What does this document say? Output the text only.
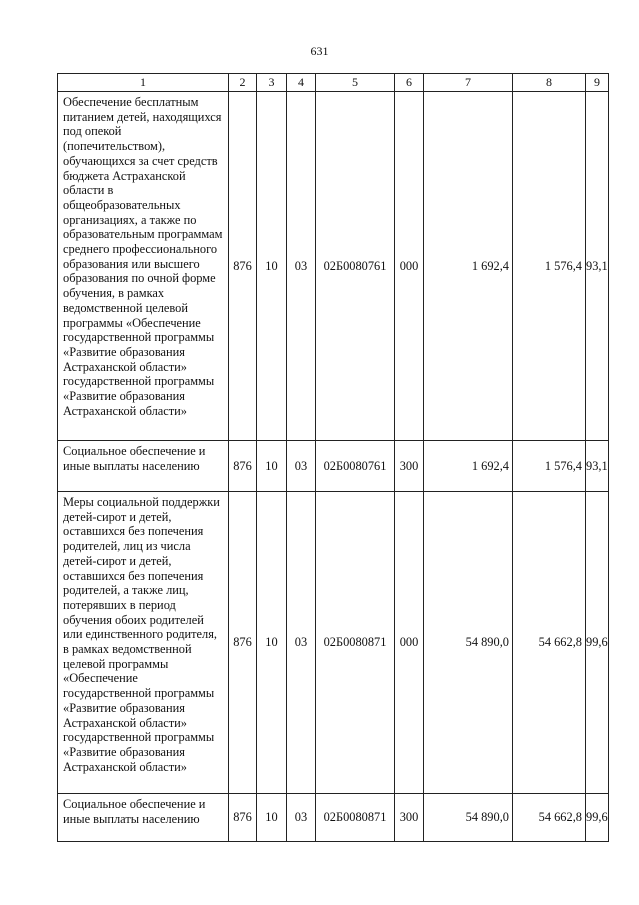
631
1	2	3	4	5	6	7	8	9
Обеспечение бесплатным питанием детей, находящихся под опекой (попечительством), обучающихся за счет средств бюджета Астраханской области в общеобразовательных организациях, а также по образовательным программам среднего профессионального образования или высшего образования по очной форме обучения, в рамках ведомственной целевой программы «Обеспечение государственной программы «Развитие образования Астраханской области» государственной программы «Развитие образования Астраханской области»	876	10	03	02Б0080761	000	1 692,4	1 576,4	93,1
Социальное обеспечение и иные выплаты населению	876	10	03	02Б0080761	300	1 692,4	1 576,4	93,1
Меры социальной поддержки детей-сирот и детей, оставшихся без попечения родителей, лиц из числа детей-сирот и детей, оставшихся без попечения родителей, а также лиц, потерявших в период обучения обоих родителей или единственного родителя, в рамках ведомственной целевой программы «Обеспечение государственной программы «Развитие образования Астраханской области» государственной программы «Развитие образования Астраханской области»	876	10	03	02Б0080871	000	54 890,0	54 662,8	99,6
Социальное обеспечение и иные выплаты населению	876	10	03	02Б0080871	300	54 890,0	54 662,8	99,6
